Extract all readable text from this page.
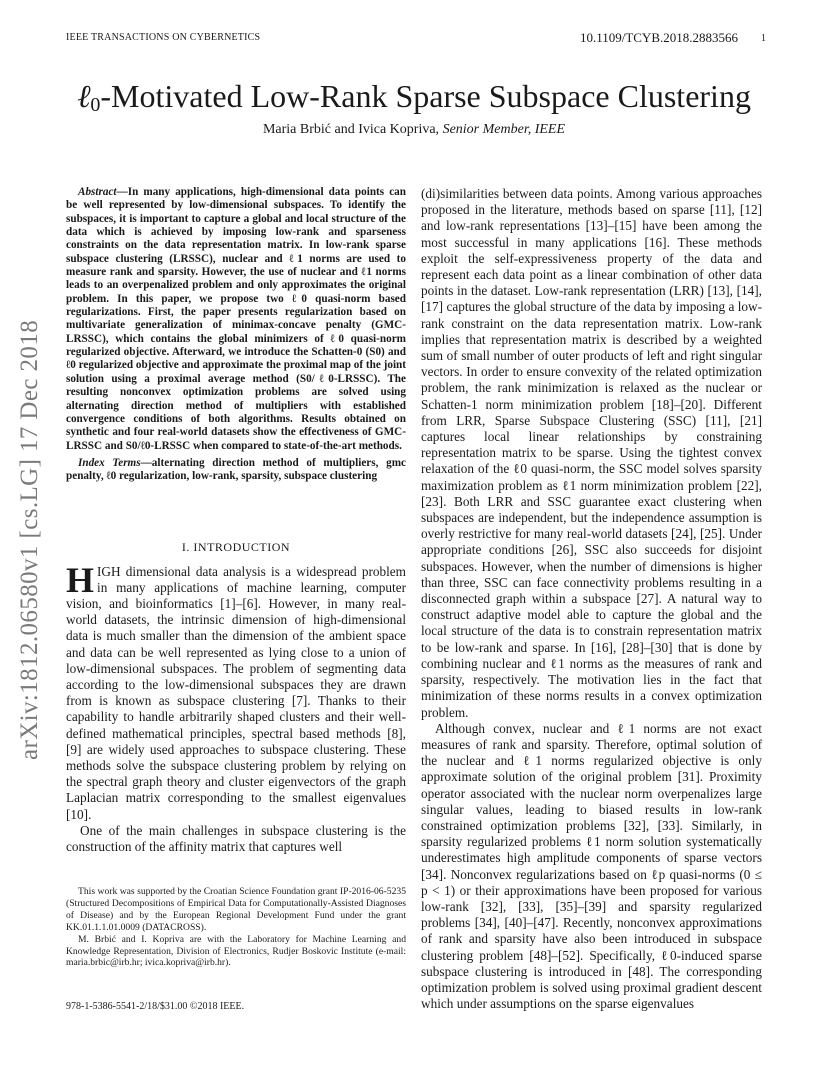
IEEE TRANSACTIONS ON CYBERNETICS	10.1109/TCYB.2018.2883566 1
arXiv:1812.06580v1 [cs.LG] 17 Dec 2018
ℓ$_0$-Motivated Low-Rank Sparse Subspace Clustering
Maria Brbić and Ivica Kopriva, Senior Member, IEEE

Abstract—In many applications, high-dimensional data points can be well represented by low-dimensional subspaces. To identify the subspaces, it is important to capture a global and local structure of the data which is achieved by imposing low-rank and sparseness constraints on the data representation matrix. In low-rank sparse subspace clustering (LRSSC), nuclear and ℓ1 norms are used to measure rank and sparsity. However, the use of nuclear and ℓ1 norms leads to an overpenalized problem and only approximates the original problem. In this paper, we propose two ℓ0 quasi-norm based regularizations. First, the paper presents regularization based on multivariate generalization of minimax-concave penalty (GMC-LRSSC), which contains the global minimizers of ℓ0 quasi-norm regularized objective. Afterward, we introduce the Schatten-0 (S0) and ℓ0 regularized objective and approximate the proximal map of the joint solution using a proximal average method (S0/ℓ0-LRSSC). The resulting nonconvex optimization problems are solved using alternating direction method of multipliers with established convergence conditions of both algorithms. Results obtained on synthetic and four real-world datasets show the effectiveness of GMC-LRSSC and S0/ℓ0-LRSSC when compared to state-of-the-art methods.

Index Terms—alternating direction method of multipliers, gmc penalty, ℓ0 regularization, low-rank, sparsity, subspace clustering

I. INTRODUCTION

HIGH dimensional data analysis is a widespread problem in many applications of machine learning, computer vision, and bioinformatics [1]–[6]. However, in many real-world datasets, the intrinsic dimension of high-dimensional data is much smaller than the dimension of the ambient space and data can be well represented as lying close to a union of low-dimensional subspaces. The problem of segmenting data according to the low-dimensional subspaces they are drawn from is known as subspace clustering [7]. Thanks to their capability to handle arbitrarily shaped clusters and their well-defined mathematical principles, spectral based methods [8], [9] are widely used approaches to subspace clustering. These methods solve the subspace clustering problem by relying on the spectral graph theory and cluster eigenvectors of the graph Laplacian matrix corresponding to the smallest eigenvalues [10].

One of the main challenges in subspace clustering is the construction of the affinity matrix that captures well

This work was supported by the Croatian Science Foundation grant IP-2016-06-5235 (Structured Decompositions of Empirical Data for Computationally-Assisted Diagnoses of Disease) and by the European Regional Development Fund under the grant KK.01.1.1.01.0009 (DATACROSS).

M. Brbić and I. Kopriva are with the Laboratory for Machine Learning and Knowledge Representation, Division of Electronics, Rudjer Boskovic Institute (e-mail: maria.brbic@irb.hr; ivica.kopriva@irb.hr).

978-1-5386-5541-2/18/$31.00 ©2018 IEEE.

(di)similarities between data points. Among various approaches proposed in the literature, methods based on sparse [11], [12] and low-rank representations [13]–[15] have been among the most successful in many applications [16]. These methods exploit the self-expressiveness property of the data and represent each data point as a linear combination of other data points in the dataset. Low-rank representation (LRR) [13], [14], [17] captures the global structure of the data by imposing a low-rank constraint on the data representation matrix. Low-rank implies that representation matrix is described by a weighted sum of small number of outer products of left and right singular vectors. In order to ensure convexity of the related optimization problem, the rank minimization is relaxed as the nuclear or Schatten-1 norm minimization problem [18]–[20]. Different from LRR, Sparse Subspace Clustering (SSC) [11], [21] captures local linear relationships by constraining representation matrix to be sparse. Using the tightest convex relaxation of the ℓ0 quasi-norm, the SSC model solves sparsity maximization problem as ℓ1 norm minimization problem [22], [23]. Both LRR and SSC guarantee exact clustering when subspaces are independent, but the independence assumption is overly restrictive for many real-world datasets [24], [25]. Under appropriate conditions [26], SSC also succeeds for disjoint subspaces. However, when the number of dimensions is higher than three, SSC can face connectivity problems resulting in a disconnected graph within a subspace [27]. A natural way to construct adaptive model able to capture the global and the local structure of the data is to constrain representation matrix to be low-rank and sparse. In [16], [28]–[30] that is done by combining nuclear and ℓ1 norms as the measures of rank and sparsity, respectively. The motivation lies in the fact that minimization of these norms results in a convex optimization problem.

Although convex, nuclear and ℓ1 norms are not exact measures of rank and sparsity. Therefore, optimal solution of the nuclear and ℓ1 norms regularized objective is only approximate solution of the original problem [31]. Proximity operator associated with the nuclear norm overpenalizes large singular values, leading to biased results in low-rank constrained optimization problems [32], [33]. Similarly, in sparsity regularized problems ℓ1 norm solution systematically underestimates high amplitude components of sparse vectors [34]. Nonconvex regularizations based on ℓp quasi-norms (0 ≤ p < 1) or their approximations have been proposed for various low-rank [32], [33], [35]–[39] and sparsity regularized problems [34], [40]–[47]. Recently, nonconvex approximations of rank and sparsity have also been introduced in subspace clustering problem [48]–[52]. Specifically, ℓ0-induced sparse subspace clustering is introduced in [48]. The corresponding optimization problem is solved using proximal gradient descent which under assumptions on the sparse eigenvalues
